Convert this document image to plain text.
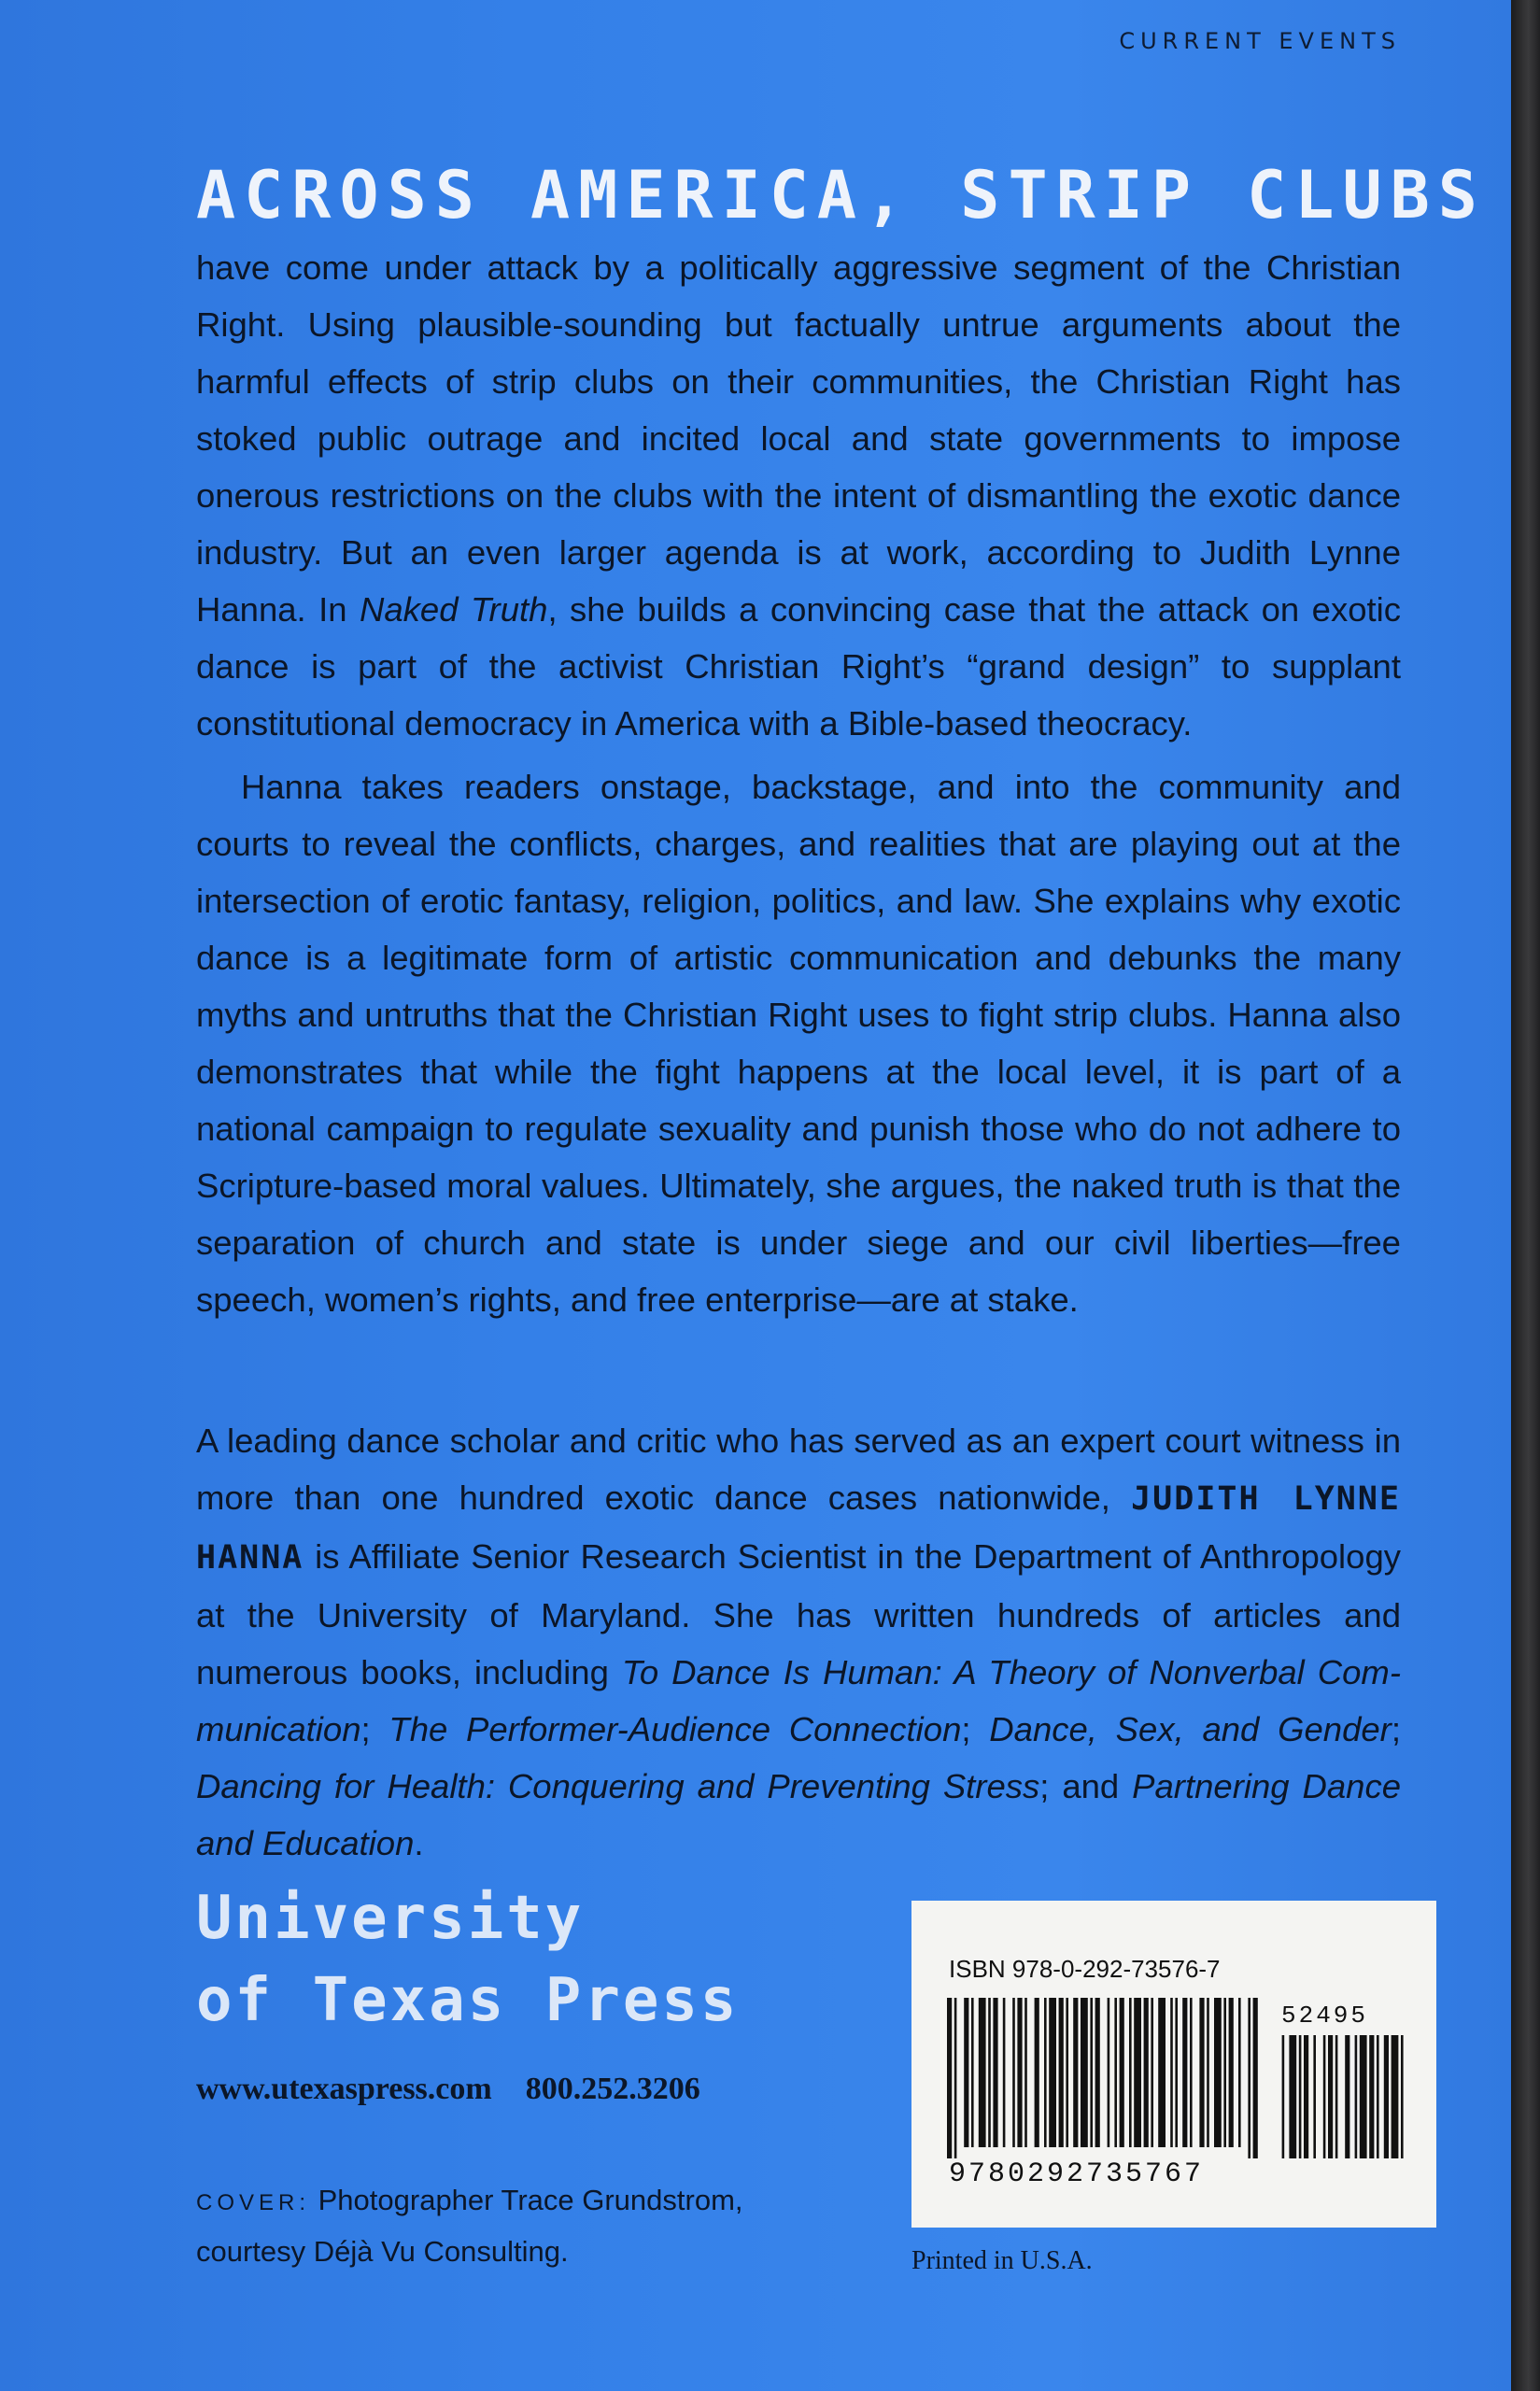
CURRENT EVENTS
ACROSS AMERICA, STRIP CLUBS

have come under attack by a politically aggressive segment of the Christian Right. Using plausible-sounding but factually untrue arguments about the harmful effects of strip clubs on their communities, the Christian Right has stoked public outrage and incited local and state governments to impose onerous restrictions on the clubs with the intent of dismantling the exotic dance industry. But an even larger agenda is at work, according to Judith Lynne Hanna. In Naked Truth, she builds a convincing case that the attack on exotic dance is part of the activist Christian Right’s “grand design” to supplant constitutional democracy in America with a Bible-based theocracy.

Hanna takes readers onstage, backstage, and into the community and courts to reveal the conflicts, charges, and realities that are playing out at the intersection of erotic fantasy, religion, politics, and law. She explains why exotic dance is a legitimate form of artistic communication and debunks the many myths and untruths that the Christian Right uses to fight strip clubs. Hanna also demonstrates that while the fight happens at the local level, it is part of a national campaign to regulate sexuality and punish those who do not adhere to Scripture-based moral values. Ultimately, she argues, the naked truth is that the separation of church and state is under siege and our civil liberties—free speech, women’s rights, and free enterprise—are at stake.

A leading dance scholar and critic who has served as an expert court witness in more than one hundred exotic dance cases nationwide, JUDITH LYNNE HANNA is Affiliate Senior Research Scientist in the Department of Anthropology at the University of Maryland. She has written hundreds of articles and numerous books, including To Dance Is Human: A Theory of Nonverbal Communication; The Performer-Audience Connection; Dance, Sex, and Gender; Dancing for Health: Conquering and Preventing Stress; and Partnering Dance and Education.

University
of Texas Press
www.utexaspress.com 800.252.3206
COVER: Photographer Trace Grundstrom,
courtesy Déjà Vu Consulting.
ISBN 978-0-292-73576-7
52495
9780292735767
Printed in U.S.A.
